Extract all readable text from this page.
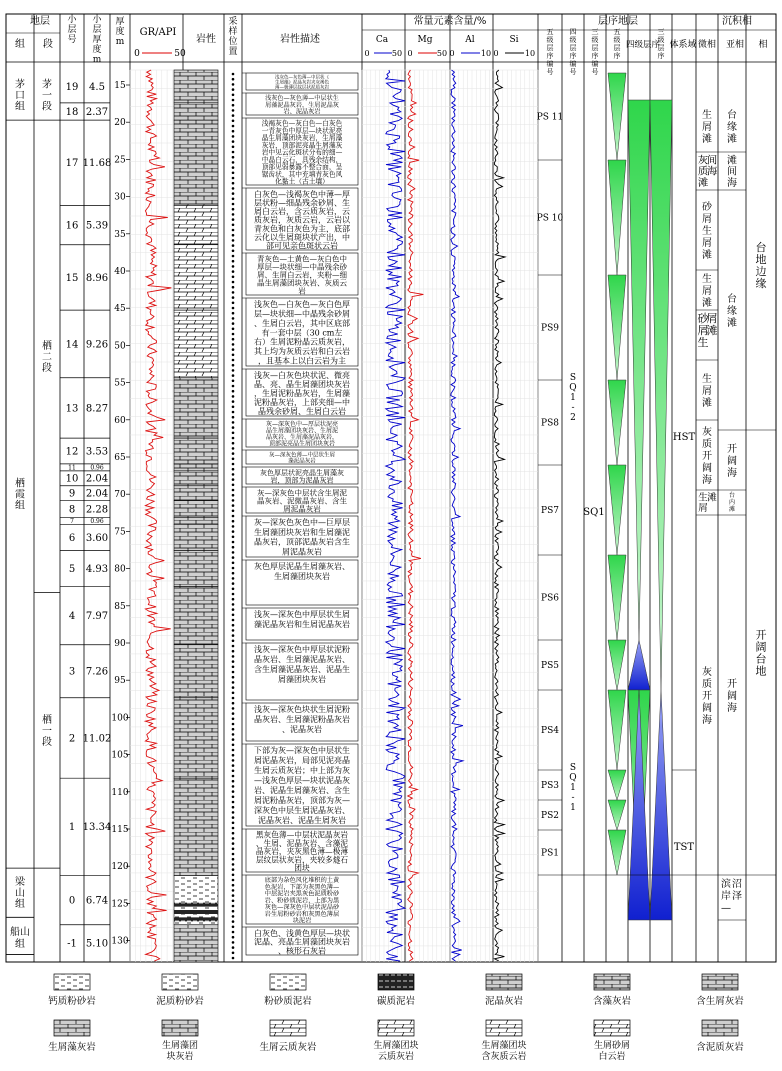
地层
组 段
GR/API
0	50
岩性	岩性描述
常量元素含量/%
Ca	Mg	Al	Si
层序地层
四级层序 体系域
沉积相
微相 亚相 相
小
层
号
小
层
厚
度
m
厚
度
m
采
样
位
置
五
级
层
序
编
号
四
级
层
序
编
号
三
级
层
序
编
号
五
级
层
序
三
级
层
序
0	50 0	50 0	10 0	10
茅
口
组
栖
霞
组
梁
山
组
船山
组
茅
一
段
栖
二
段
栖
一
段
19 4.5
18 2.37
17 11.68
16 5.39
15 8.96
14 9.26
13 8.27
12 3.53
11 0.96
10 2.04
9 2.04
8 2.28
7	0.96
6 3.60
5 4.93
4 7.97
3 7.26
2 11.02
1 13.34
0 6.74
-1 5.10
15
20
25
30
35
40
45
50
55
60
65
70
75
80
85
90
95
100
105
110
115
120
125
130
浅灰色—灰色薄—中层状《
生屑藻》泥晶灰岩夹灰褐色
薄—极薄层纹层状泥质灰岩
浅灰色—灰色薄—中层状生
屑藻泥晶灰岩，生屑泥晶灰
岩、泥晶灰岩
浅褐灰色—灰白色—白灰色
一青灰色中厚层—块状泥亮
晶生屑藻团块灰岩，生屑藻
灰岩，顶部泥亮晶生屑藻灰
岩中见云化斑状分布的细—
中晶白云石，具残余结构，
顶部见弱暴露不整合面，呈
锯齿状，其中充填青灰色风
化黏土（古土壤）
白灰色—浅褐灰色中薄—厚
层状粉—细晶残余砂屑、生
屑白云岩，含云质灰岩，云
质灰岩，灰质云岩，云岩以
青灰色和白灰色为主，底部
云化以生屑斑块状产出，中
部可见亲色斑状云岩
青灰色—土黄色—灰白色中
厚层—块状细—中晶残余砂
屑、生屑白云岩，夹粉—细
晶生屑藻团块灰岩、灰质云
岩
浅灰色—白灰色—灰白色厚
层—块状细—中晶残余砂屑
、生屑白云岩，其中区底部
有一套中层（30 cm左
右）生屑泥粉晶云质灰岩，
其上均为灰质云岩和白云岩
，且基本上以白云岩为主
浅灰—白灰色块状泥、微亮
晶、亮、晶生屑藻团块灰岩
，生屑泥粉晶灰岩，生屑藻
泥粉晶灰岩，上部夹细—中
晶残余砂屑、生屑白云岩
灰—深灰色中—厚层状泥亮
晶生屑藻团块灰岩、生屑泥
晶灰岩、生屑藻泥晶灰岩，
顶部泥亮晶生屑团块灰岩
灰—深灰色薄—中层状生屑
藻泥晶灰岩
灰色厚层状泥亮晶生屑藻灰
岩，顶部为泥晶灰岩
灰—深灰色中层状含生屑泥
晶灰岩、泥微晶灰岩、含生
屑泥晶灰岩
灰—深灰色灰色中—巨厚层
生屑藻团块灰岩和生屑藻泥
晶灰岩，顶部泥晶灰岩含生
屑泥晶灰岩
灰色厚层泥晶生屑藻灰岩、
生屑藻团块灰岩
浅灰—深灰色中厚层状生屑
藻泥晶灰岩和生屑泥晶灰岩
浅灰—深灰色中厚层状泥粉
晶灰岩、生屑藻泥晶灰岩、
含生屑藻泥晶灰岩、泥晶生
屑藻团块灰岩
浅灰—深灰色块状生屑泥粉
晶灰岩、生屑藻泥粉晶灰岩
、泥晶灰岩
下部为灰—深灰色中层状生
屑泥晶灰岩，局部见泥亮晶
生屑云质灰岩；中上部为灰
—浅灰色厚层—块状泥晶灰
岩、泥晶生屑藻灰岩、含生
屑泥粉晶灰岩，顶部为灰—
深灰色中层生屑泥晶灰岩、
泥晶灰岩、泥晶生屑灰岩
黑灰色薄—中层状泥晶灰岩
、生屑、泥晶灰岩、含藻泥
晶灰岩，夹灰黑色薄—极薄
层纹层状灰岩，夹较多燧石
团块
底部为杂色风化堆积的土黄
色泥岩，下部为灰黑色薄—
中层泥岩夹黑灰色泥质粉砂
岩、粉砂质泥岩，上部为黑
灰色—深灰色中层状泥晶砂
岩生屑粉砂岩和灰黑色薄层
块泥岩
白灰色、浅黄色厚层—块状
泥晶、亮晶生屑藻团块灰岩
、核形石灰岩
PS 11
PS 10
PS9
PS8
PS7
PS6
PS5
PS4
PS3
PS2
PS1
S
Q
1
-
2
S
Q
1
-
1
SQ1
HST
TST
生
屑
滩
灰
质
滩
间
海
砂
屑
生
屑
滩
生
屑
滩
砂
屑
生
屑
滩
生
屑
滩
灰
质
开
阔
海
生
屑
滩
灰
质
开
阔
海
台
缘
滩
滩
间
海
台
缘
滩
开
阔
海
台
内
滩
开
阔
海
滨
岸
—
沼
泽
台
地
边
缘
开
阔
台
地
钙质粉砂岩	泥质粉砂岩	粉砂质泥岩	碳质泥岩	泥晶灰岩	含藻灰岩	含生屑灰岩
生屑藻灰岩	生屑藻团
块灰岩
生屑云质灰岩	生屑藻团块
云质灰岩
生屑藻团块
含灰质云岩
生屑砂屑
白云岩
含泥质灰岩
